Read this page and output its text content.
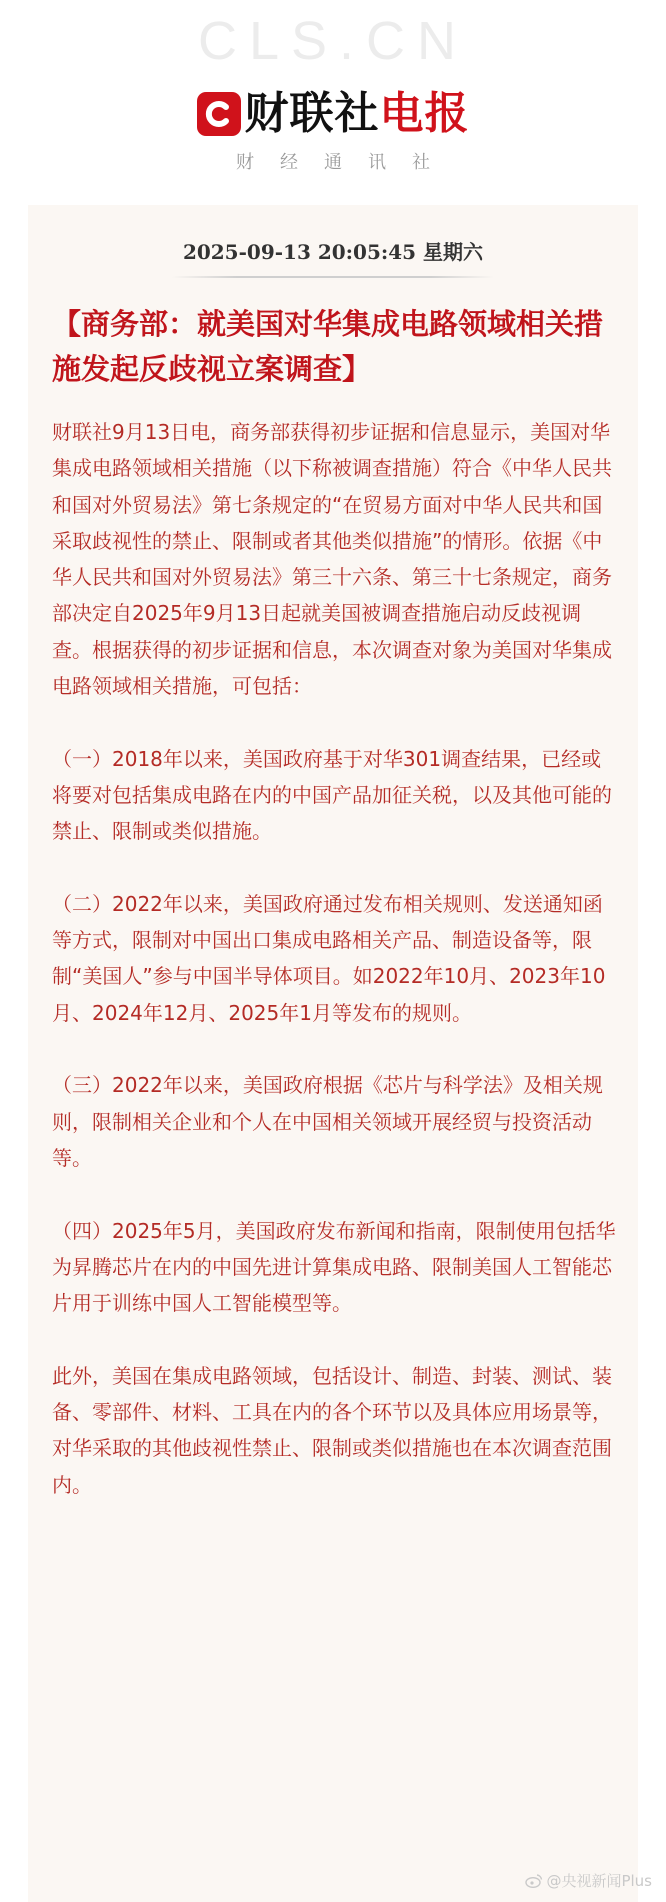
CLS.CN
财联社电报
财经通讯社
2025-09-13 20:05:45 星期六
【商务部：就美国对华集成电路领域相关措施发起反歧视立案调查】

财联社9月13日电，商务部获得初步证据和信息显示，美国对华集成电路领域相关措施（以下称被调查措施）符合《中华人民共和国对外贸易法》第七条规定的“在贸易方面对中华人民共和国采取歧视性的禁止、限制或者其他类似措施”的情形。依据《中华人民共和国对外贸易法》第三十六条、第三十七条规定，商务部决定自2025年9月13日起就美国被调查措施启动反歧视调查。根据获得的初步证据和信息，本次调查对象为美国对华集成电路领域相关措施，可包括：

（一）2018年以来，美国政府基于对华301调查结果，已经或将要对包括集成电路在内的中国产品加征关税，以及其他可能的禁止、限制或类似措施。

（二）2022年以来，美国政府通过发布相关规则、发送通知函等方式，限制对中国出口集成电路相关产品、制造设备等，限制“美国人”参与中国半导体项目。如2022年10月、2023年10月、2024年12月、2025年1月等发布的规则。

（三）2022年以来，美国政府根据《芯片与科学法》及相关规则，限制相关企业和个人在中国相关领域开展经贸与投资活动等。

（四）2025年5月，美国政府发布新闻和指南，限制使用包括华为昇腾芯片在内的中国先进计算集成电路、限制美国人工智能芯片用于训练中国人工智能模型等。

此外，美国在集成电路领域，包括设计、制造、封装、测试、装备、零部件、材料、工具在内的各个环节以及具体应用场景等，对华采取的其他歧视性禁止、限制或类似措施也在本次调查范围内。

@央视新闻Plus
